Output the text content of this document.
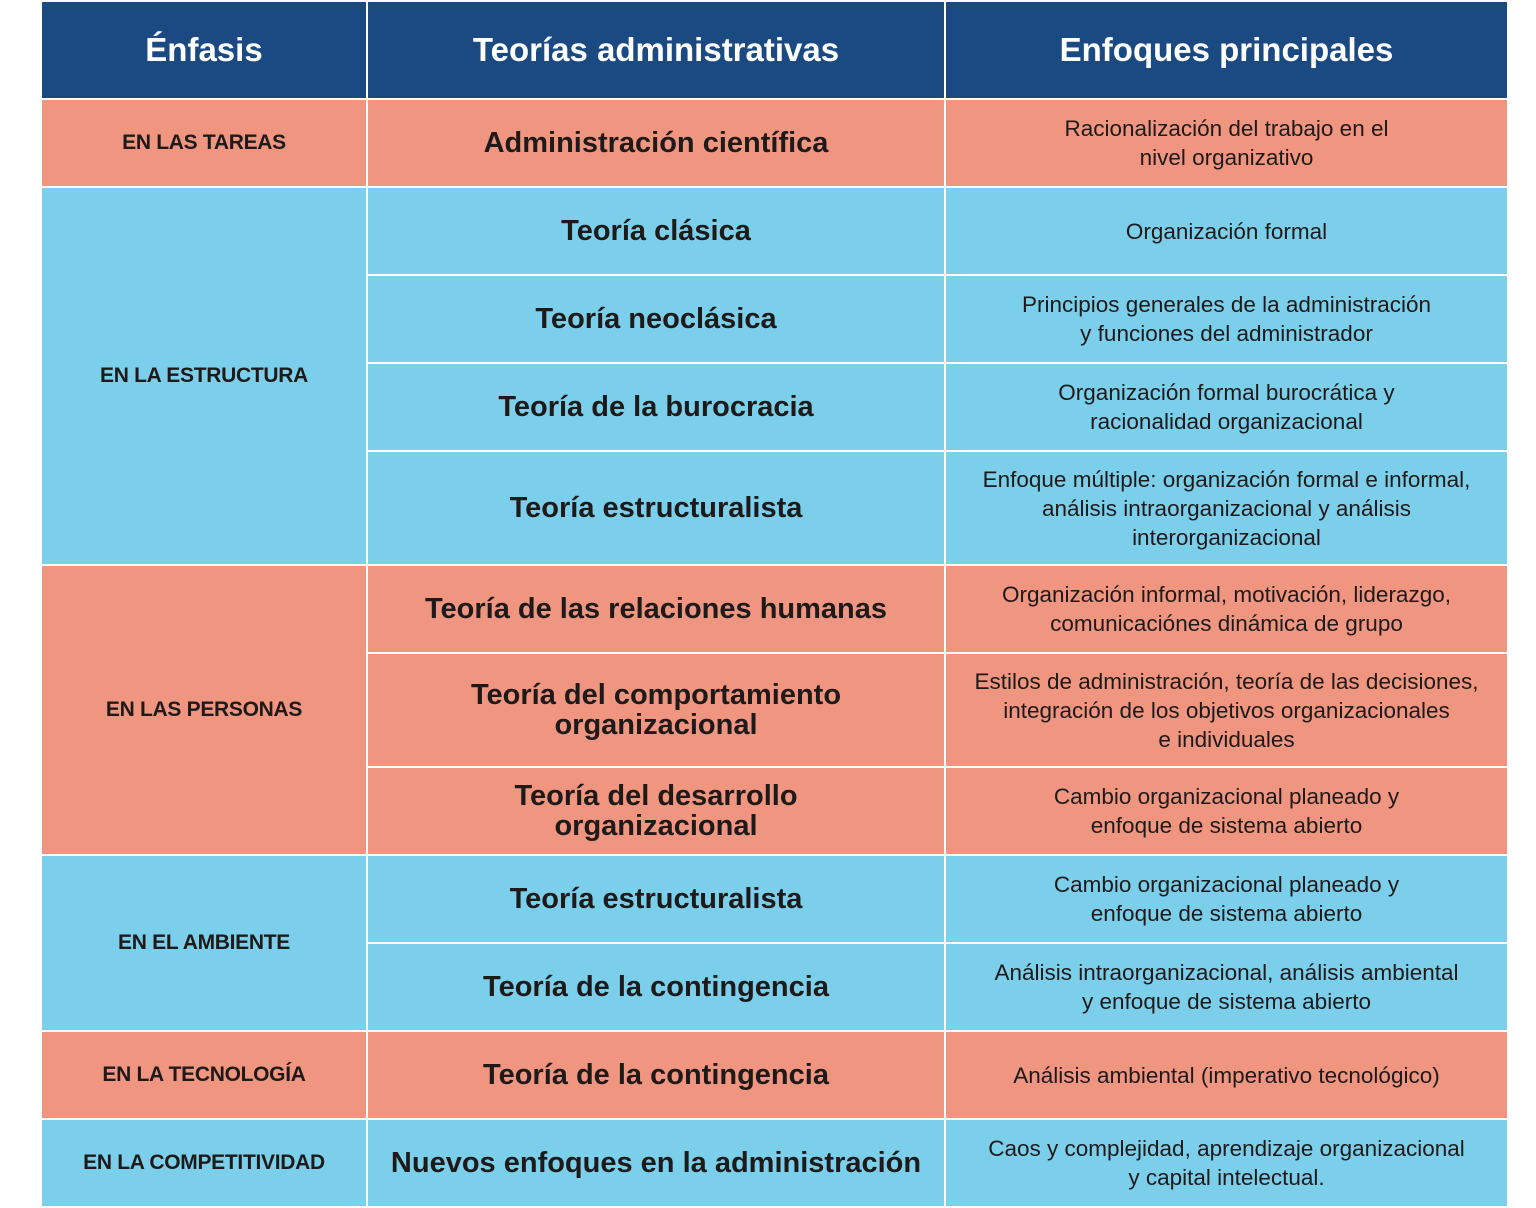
Énfasis	Teorías administrativas	Enfoques principales
EN LAS TAREAS	Administración científica	Racionalización del trabajo en el
nivel organizativo
EN LA ESTRUCTURA	Teoría clásica	Organización formal
	Teoría neoclásica	Principios generales de la administración
y funciones del administrador
	Teoría de la burocracia	Organización formal burocrática y
racionalidad organizacional
	Teoría estructuralista	Enfoque múltiple: organización formal e informal,
análisis intraorganizacional y análisis
interorganizacional
EN LAS PERSONAS	Teoría de las relaciones humanas	Organización informal, motivación, liderazgo,
comunicaciónes dinámica de grupo
	Teoría del comportamiento
organizacional	Estilos de administración, teoría de las decisiones,
integración de los objetivos organizacionales
e individuales
	Teoría del desarrollo
organizacional	Cambio organizacional planeado y
enfoque de sistema abierto
EN EL AMBIENTE	Teoría estructuralista	Cambio organizacional planeado y
enfoque de sistema abierto
	Teoría de la contingencia	Análisis intraorganizacional, análisis ambiental
y enfoque de sistema abierto
EN LA TECNOLOGÍA	Teoría de la contingencia	Análisis ambiental (imperativo tecnológico)
EN LA COMPETITIVIDAD	Nuevos enfoques en la administración	Caos y complejidad, aprendizaje organizacional
y capital intelectual.
